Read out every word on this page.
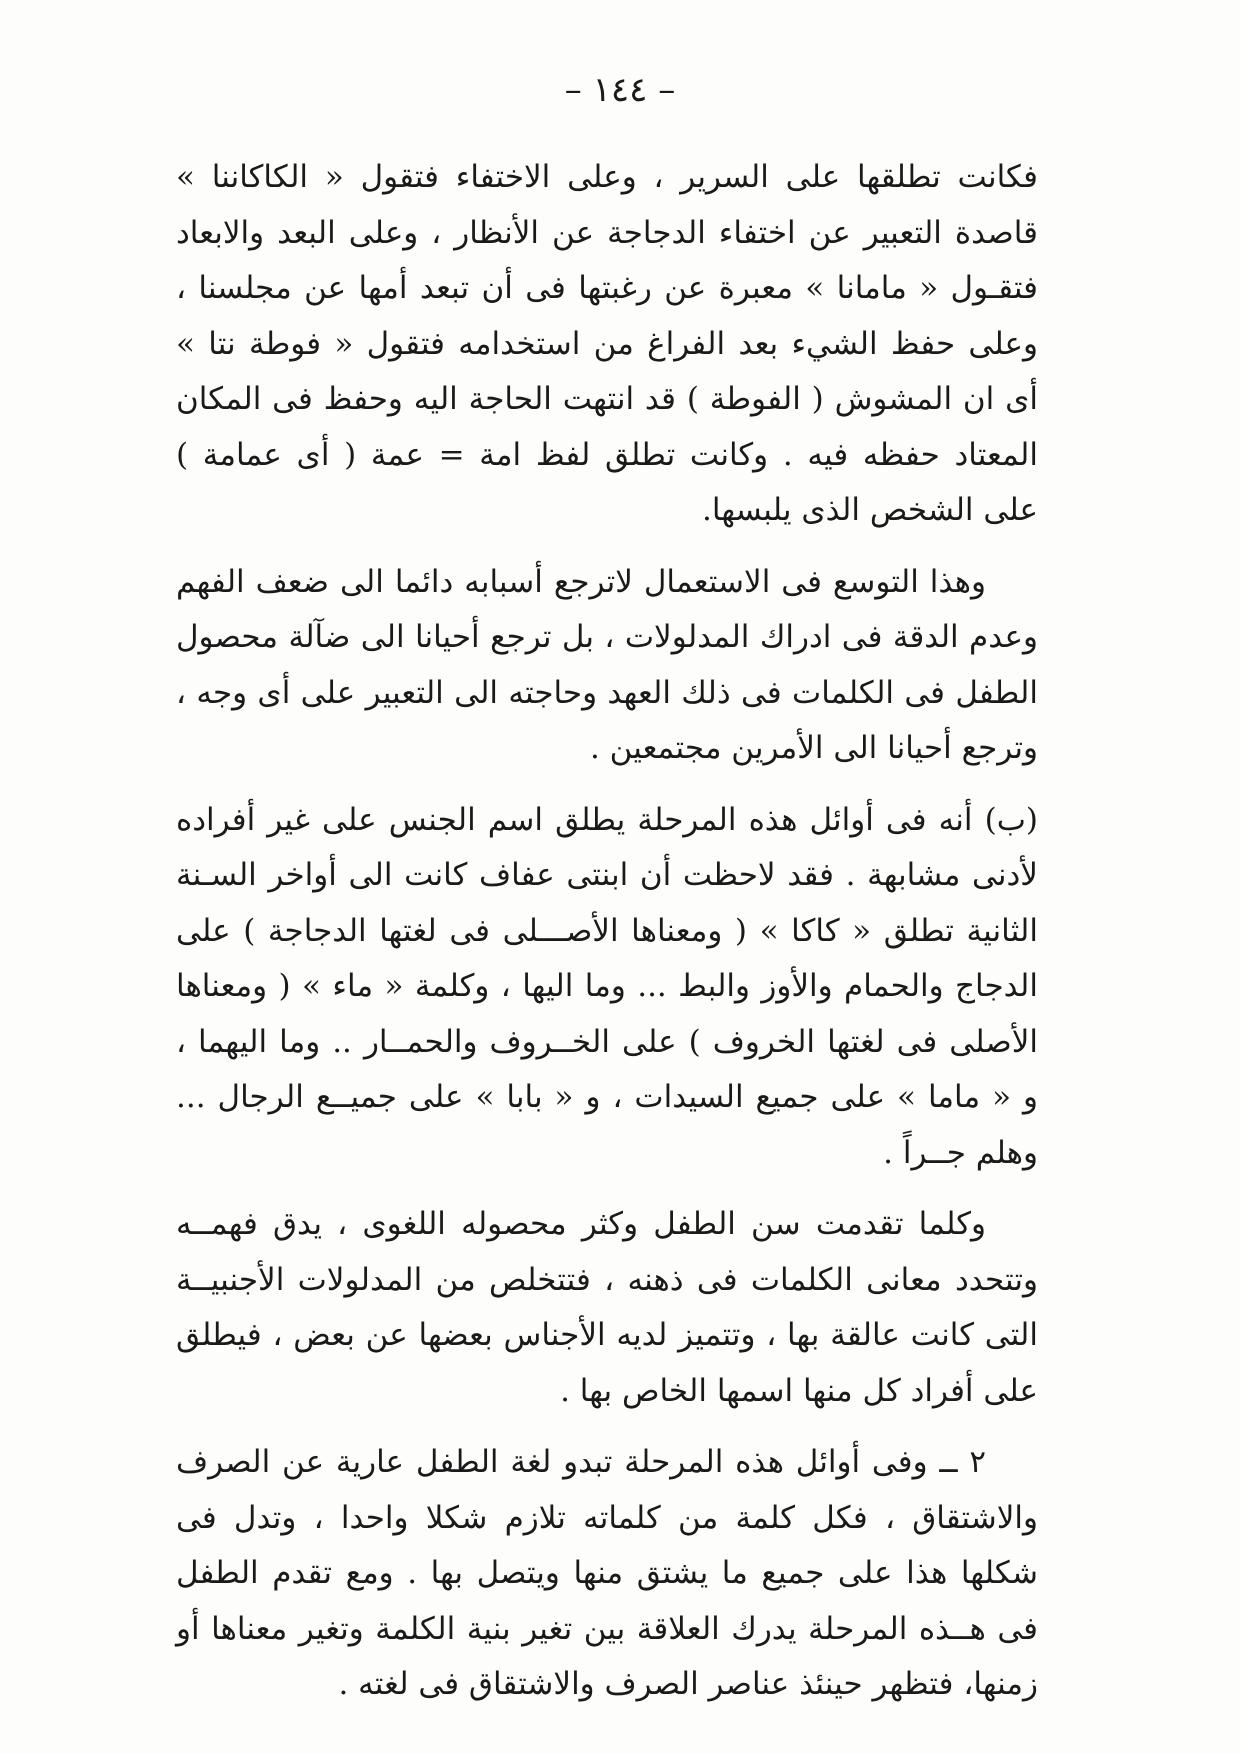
– ١٤٤ –

فكانت تطلقها على السرير ، وعلى الاختفاء فتقول « الكاكاننا » قاصدة التعبير عن اختفاء الدجاجة عن الأنظار ، وعلى البعد والابعاد فتقـول « مامانا » معبرة عن رغبتها فى أن تبعد أمها عن مجلسنا ، وعلى حفظ الشيء بعد الفراغ من استخدامه فتقول « فوطة نتا » أى ان المشوش ( الفوطة ) قد انتهت الحاجة اليه وحفظ فى المكان المعتاد حفظه فيه . وكانت تطلق لفظ امة = عمة ( أى عمامة ) على الشخص الذى يلبسها.

وهذا التوسع فى الاستعمال لاترجع أسبابه دائما الى ضعف الفهم وعدم الدقة فى ادراك المدلولات ، بل ترجع أحيانا الى ضآلة محصول الطفل فى الكلمات فى ذلك العهد وحاجته الى التعبير على أى وجه ، وترجع أحيانا الى الأمرين مجتمعين .

(ب) أنه فى أوائل هذه المرحلة يطلق اسم الجنس على غير أفراده لأدنى مشابهة . فقد لاحظت أن ابنتى عفاف كانت الى أواخر السـنة الثانية تطلق « كاكا » ( ومعناها الأصـــلى فى لغتها الدجاجة ) على الدجاج والحمام والأوز والبط ... وما اليها ، وكلمة « ماء » ( ومعناها الأصلى فى لغتها الخروف ) على الخــروف والحمــار .. وما اليهما ، و « ماما » على جميع السيدات ، و « بابا » على جميــع الرجال ... وهلم جــراً .

وكلما تقدمت سن الطفل وكثر محصوله اللغوى ، يدق فهمــه وتتحدد معانى الكلمات فى ذهنه ، فتتخلص من المدلولات الأجنبيــة التى كانت عالقة بها ، وتتميز لديه الأجناس بعضها عن بعض ، فيطلق على أفراد كل منها اسمها الخاص بها .

٢ ــ وفى أوائل هذه المرحلة تبدو لغة الطفل عارية عن الصرف والاشتقاق ، فكل كلمة من كلماته تلازم شكلا واحدا ، وتدل فى شكلها هذا على جميع ما يشتق منها ويتصل بها . ومع تقدم الطفل فى هــذه المرحلة يدرك العلاقة بين تغير بنية الكلمة وتغير معناها أو زمنها، فتظهر حينئذ عناصر الصرف والاشتقاق فى لغته .
